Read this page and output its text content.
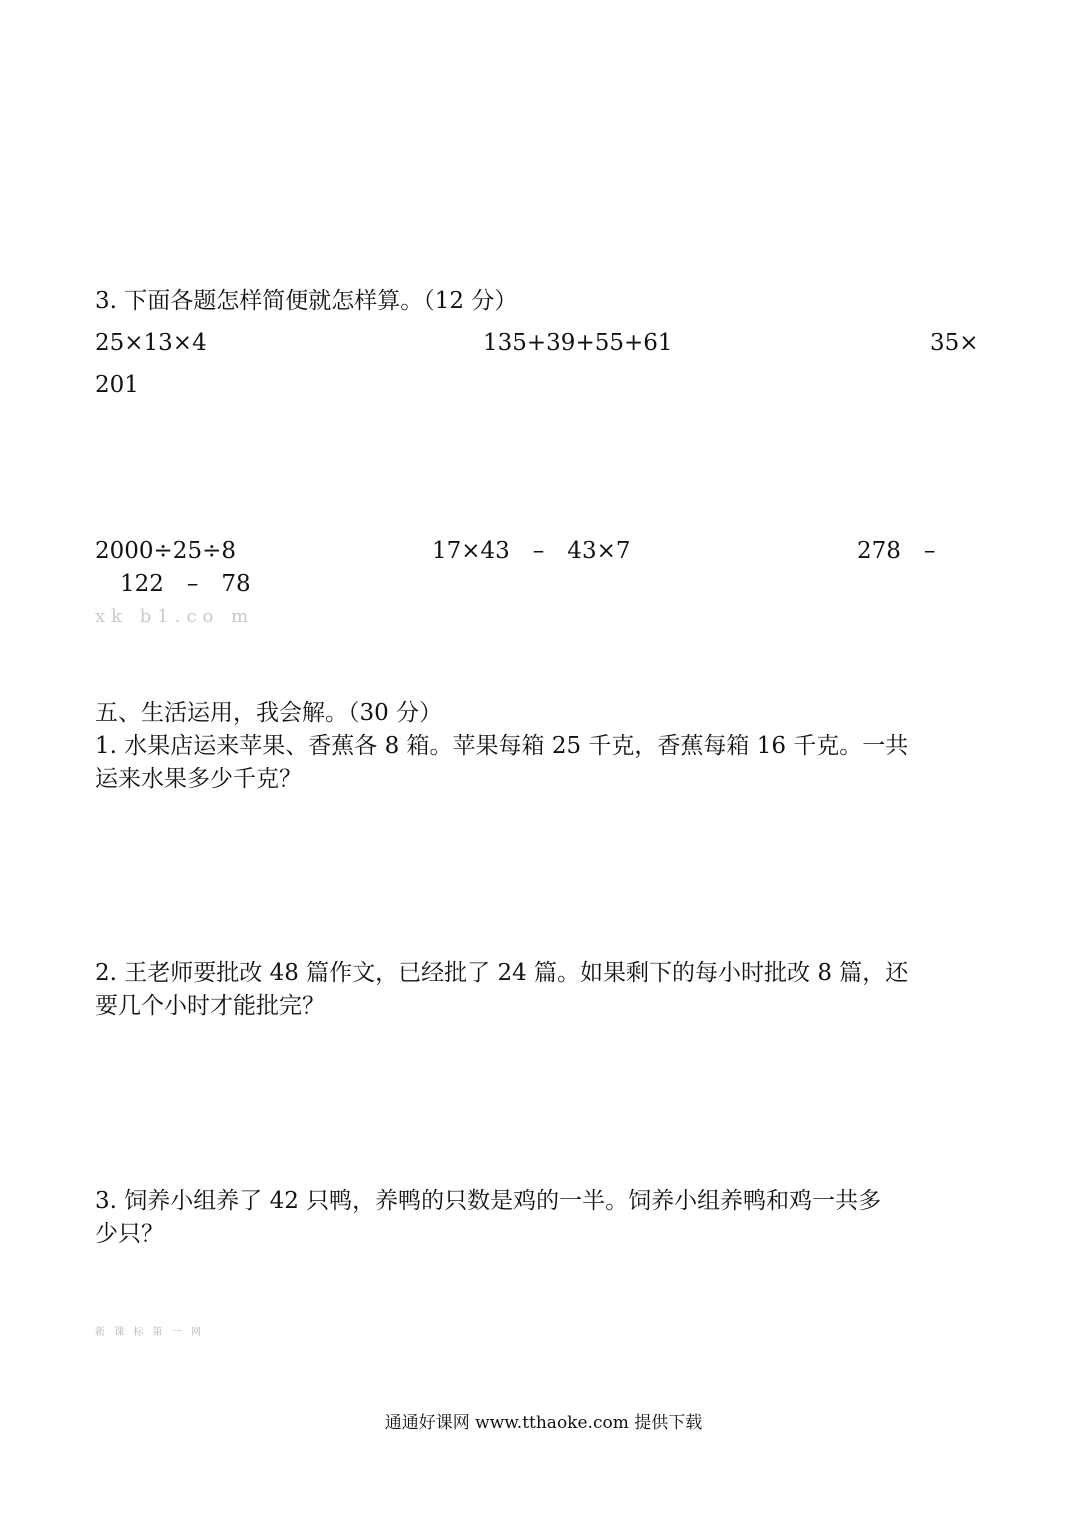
3. 下面各题怎样简便就怎样算。（12 分）
25×13×4	135+39+55+61	35×
201
2000÷25÷8	17×43　–　43×7	278　–
122　–　78
xk b1.co m
五、生活运用，我会解。（30 分）
1. 水果店运来苹果、香蕉各 8 箱。苹果每箱 25 千克，香蕉每箱 16 千克。一共
运来水果多少千克？
2. 王老师要批改 48 篇作文，已经批了 24 篇。如果剩下的每小时批改 8 篇，还
要几个小时才能批完？
3. 饲养小组养了 42 只鸭，养鸭的只数是鸡的一半。饲养小组养鸭和鸡一共多
少只？
新 课 标 第 一 网
通通好课网 www.tthaoke.com 提供下载
